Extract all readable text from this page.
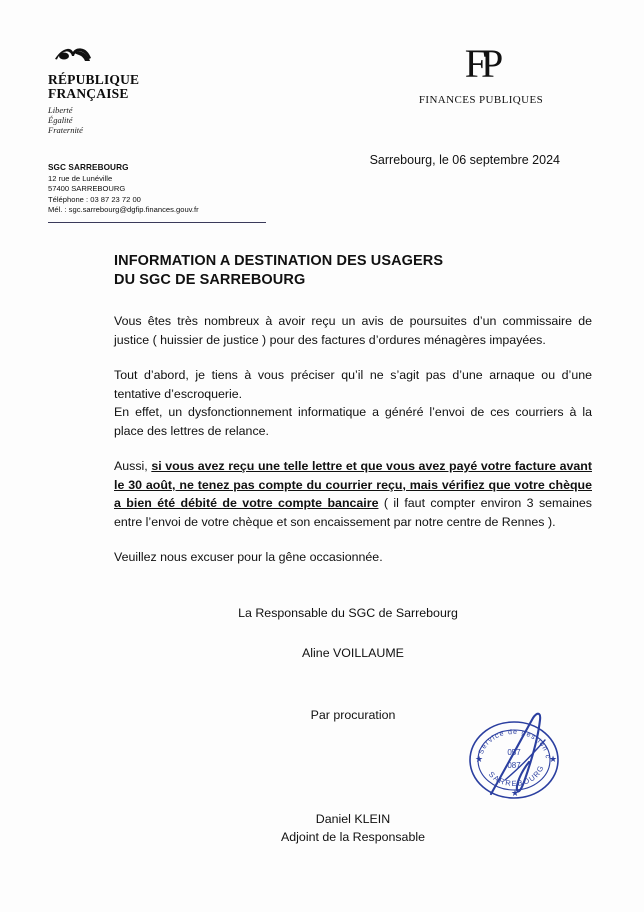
RÉPUBLIQUE
FRANÇAISE
Liberté
Égalité
Fraternité
FP
FINANCES PUBLIQUES
SGC SARREBOURG
12 rue de Lunéville
57400 SARREBOURG
Téléphone : 03 87 23 72 00
Mél. : sgc.sarrebourg@dgfip.finances.gouv.fr
Sarrebourg, le 06 septembre 2024
INFORMATION A DESTINATION DES USAGERS
DU SGC DE SARREBOURG

Vous êtes très nombreux à avoir reçu un avis de poursuites d’un commissaire de justice ( huissier de justice ) pour des factures d’ordures ménagères impayées.

Tout d’abord, je tiens à vous préciser qu’il ne s’agit pas d’une arnaque ou d’une tentative d’escroquerie.
En effet, un dysfonctionnement informatique a généré l’envoi de ces courriers à la place des lettres de relance.

Aussi, si vous avez reçu une telle lettre et que vous avez payé votre facture avant le 30 août, ne tenez pas compte du courrier reçu, mais vérifiez que votre chèque a bien été débité de votre compte bancaire ( il faut compter environ 3 semaines entre l’envoi de votre chèque et son encaissement par notre centre de Rennes ).

Veuillez nous excuser pour la gêne occasionnée.

La Responsable du SGC de Sarrebourg
Aline VOILLAUME
Par procuration
Daniel KLEIN
Adjoint de la Responsable
Service de gestion comptable
SARREBOURG
057
087
★	★
★
